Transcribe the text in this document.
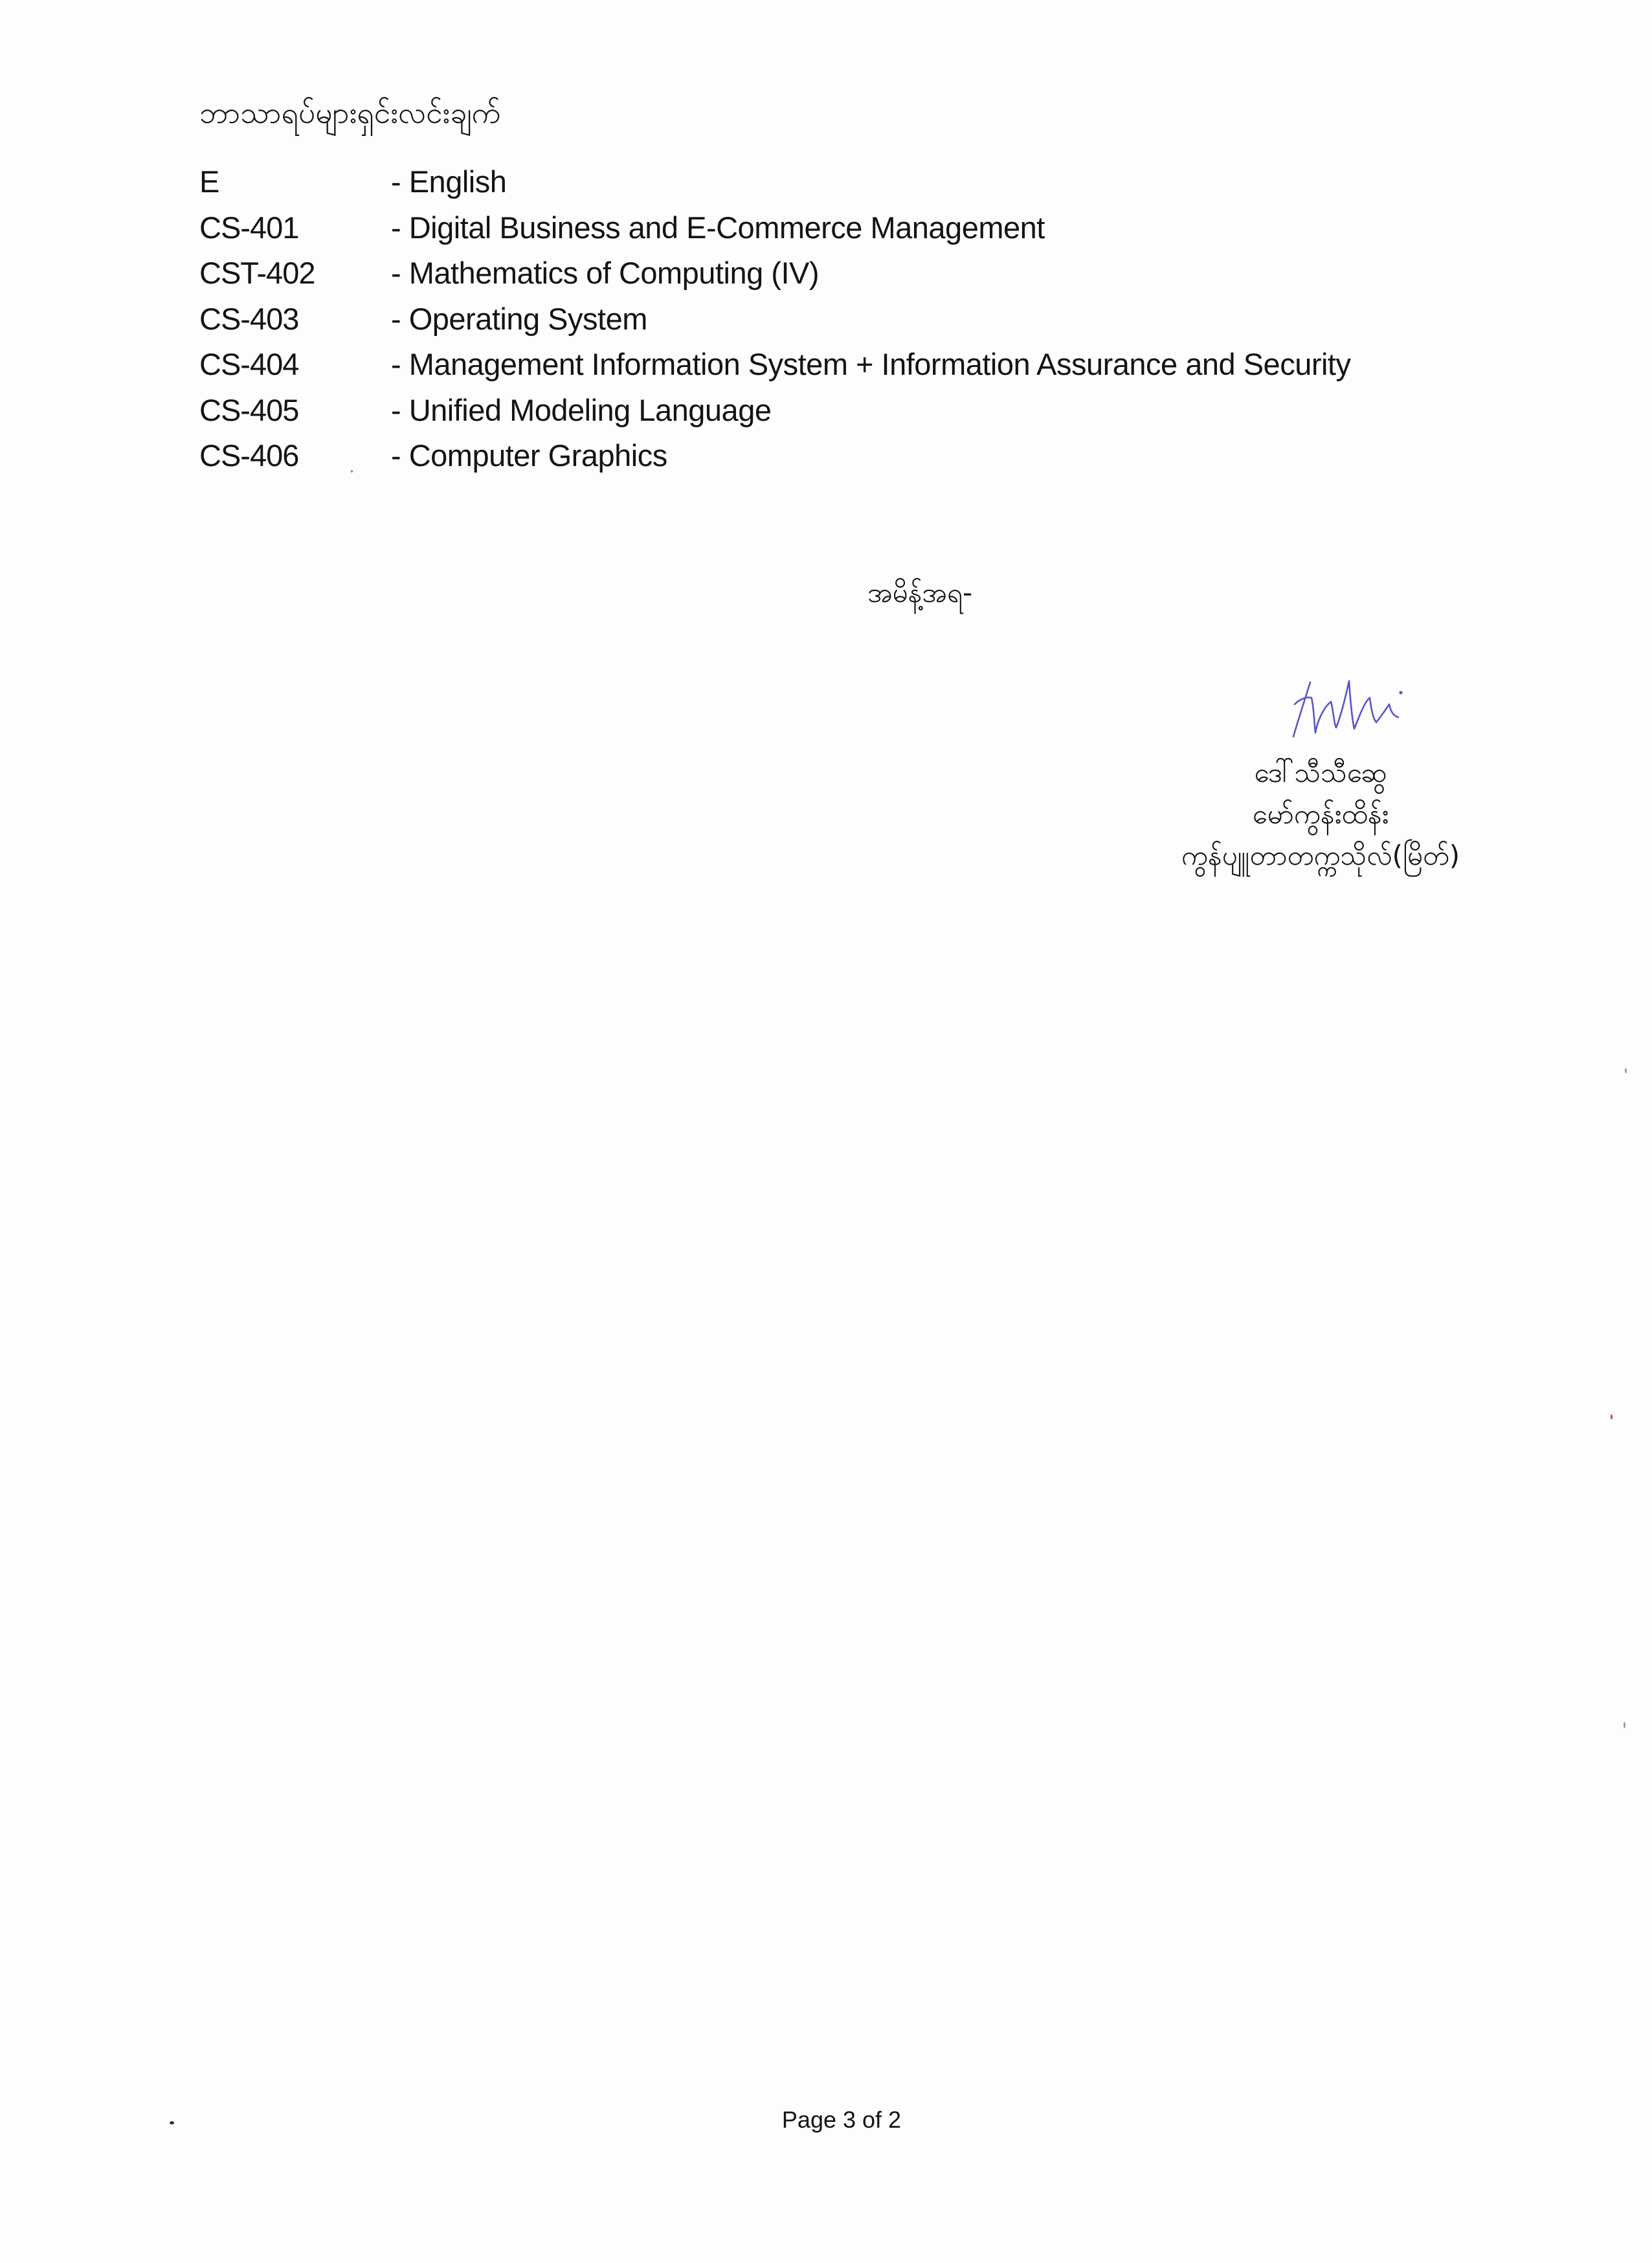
ဘာသာရပ်များရှင်းလင်းချက်
E	- English
CS-401	- Digital Business and E-Commerce Management
CST-402	- Mathematics of Computing (IV)
CS-403	- Operating System
CS-404	- Management Information System + Information Assurance and Security
CS-405	- Unified Modeling Language
CS-406	- Computer Graphics
အမိန့်အရ-
ဒေါ်သီသီဆွေ
မော်ကွန်းထိန်း
ကွန်ပျူတာတက္ကသိုလ်(မြိတ်)
Page 3 of 2
